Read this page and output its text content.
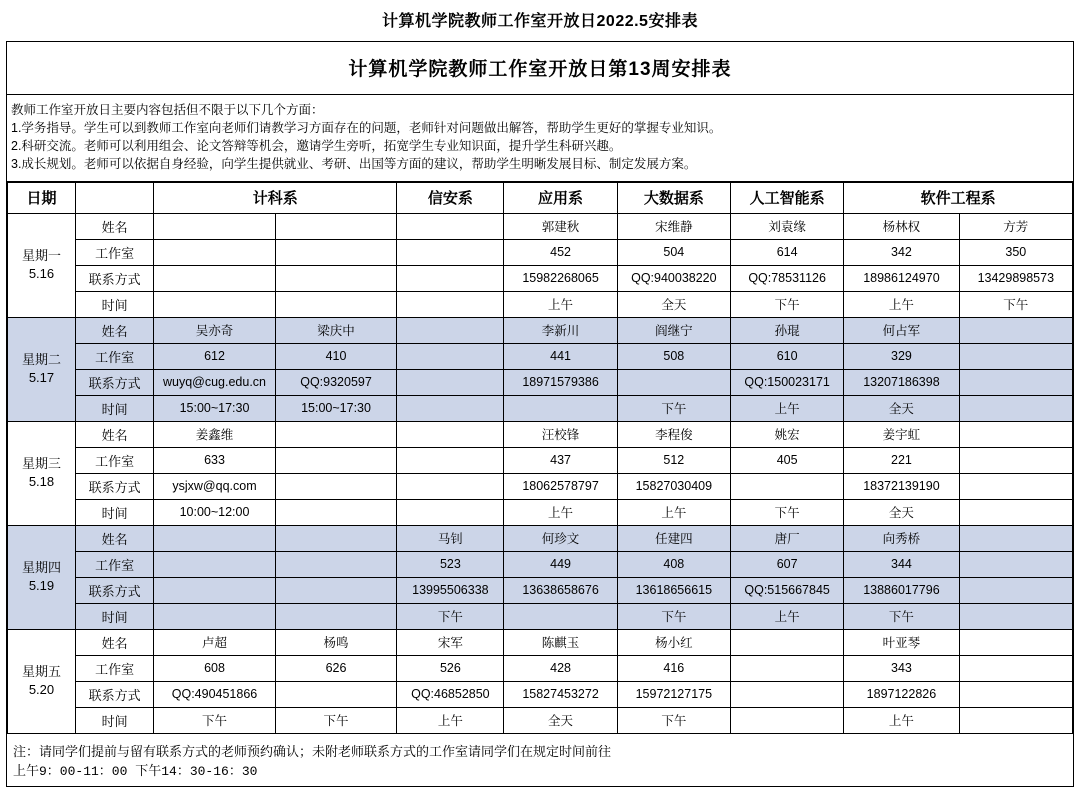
计算机学院教师工作室开放日2022.5安排表
计算机学院教师工作室开放日第13周安排表
教师工作室开放日主要内容包括但不限于以下几个方面：
1.学务指导。学生可以到教师工作室向老师们请教学习方面存在的问题，老师针对问题做出解答，帮助学生更好的掌握专业知识。
2.科研交流。老师可以利用组会、论文答辩等机会，邀请学生旁听，拓宽学生专业知识面，提升学生科研兴趣。
3.成长规划。老师可以依据自身经验，向学生提供就业、考研、出国等方面的建议，帮助学生明晰发展目标、制定发展方案。
日期		计科系		信安系	应用系	大数据系	人工智能系	软件工程系	

星期一
5.16	姓名				郭建秋	宋维静	刘袁缘	杨林权	方芳
	工作室				452	504	614	342	350
	联系方式				15982268065	QQ:940038220	QQ:78531126	18986124970	13429898573
	时间				上午	全天	下午	上午	下午

星期二
5.17	姓名	吴亦奇	梁庆中		李新川	阎继宁	孙琨	何占军	
	工作室	612	410		441	508	610	329	
	联系方式	wuyq@cug.edu.cn	QQ:9320597		18971579386		QQ:150023171	13207186398	
	时间	15:00~17:30	15:00~17:30			下午	上午	全天	

星期三
5.18	姓名	姜鑫维			汪校锋	李程俊	姚宏	姜宇虹	
	工作室	633			437	512	405	221	
	联系方式	ysjxw@qq.com			18062578797	15827030409		18372139190	
	时间	10:00~12:00			上午	上午	下午	全天	

星期四
5.19	姓名			马钊	何珍文	任建四	唐厂	向秀桥	
	工作室			523	449	408	607	344	
	联系方式			13995506338	13638658676	13618656615	QQ:515667845	13886017796	
	时间			下午		下午	上午	下午	

星期五
5.20	姓名	卢超	杨鸣	宋军	陈麒玉	杨小红		叶亚琴	
	工作室	608	626	526	428	416		343	
	联系方式	QQ:490451866		QQ:46852850	15827453272	15972127175		1897122826	
	时间	下午	下午	上午	全天	下午		上午	
注：请同学们提前与留有联系方式的老师预约确认；未附老师联系方式的工作室请同学们在规定时间前往
上午9：00-11：00 下午14：30-16：30
